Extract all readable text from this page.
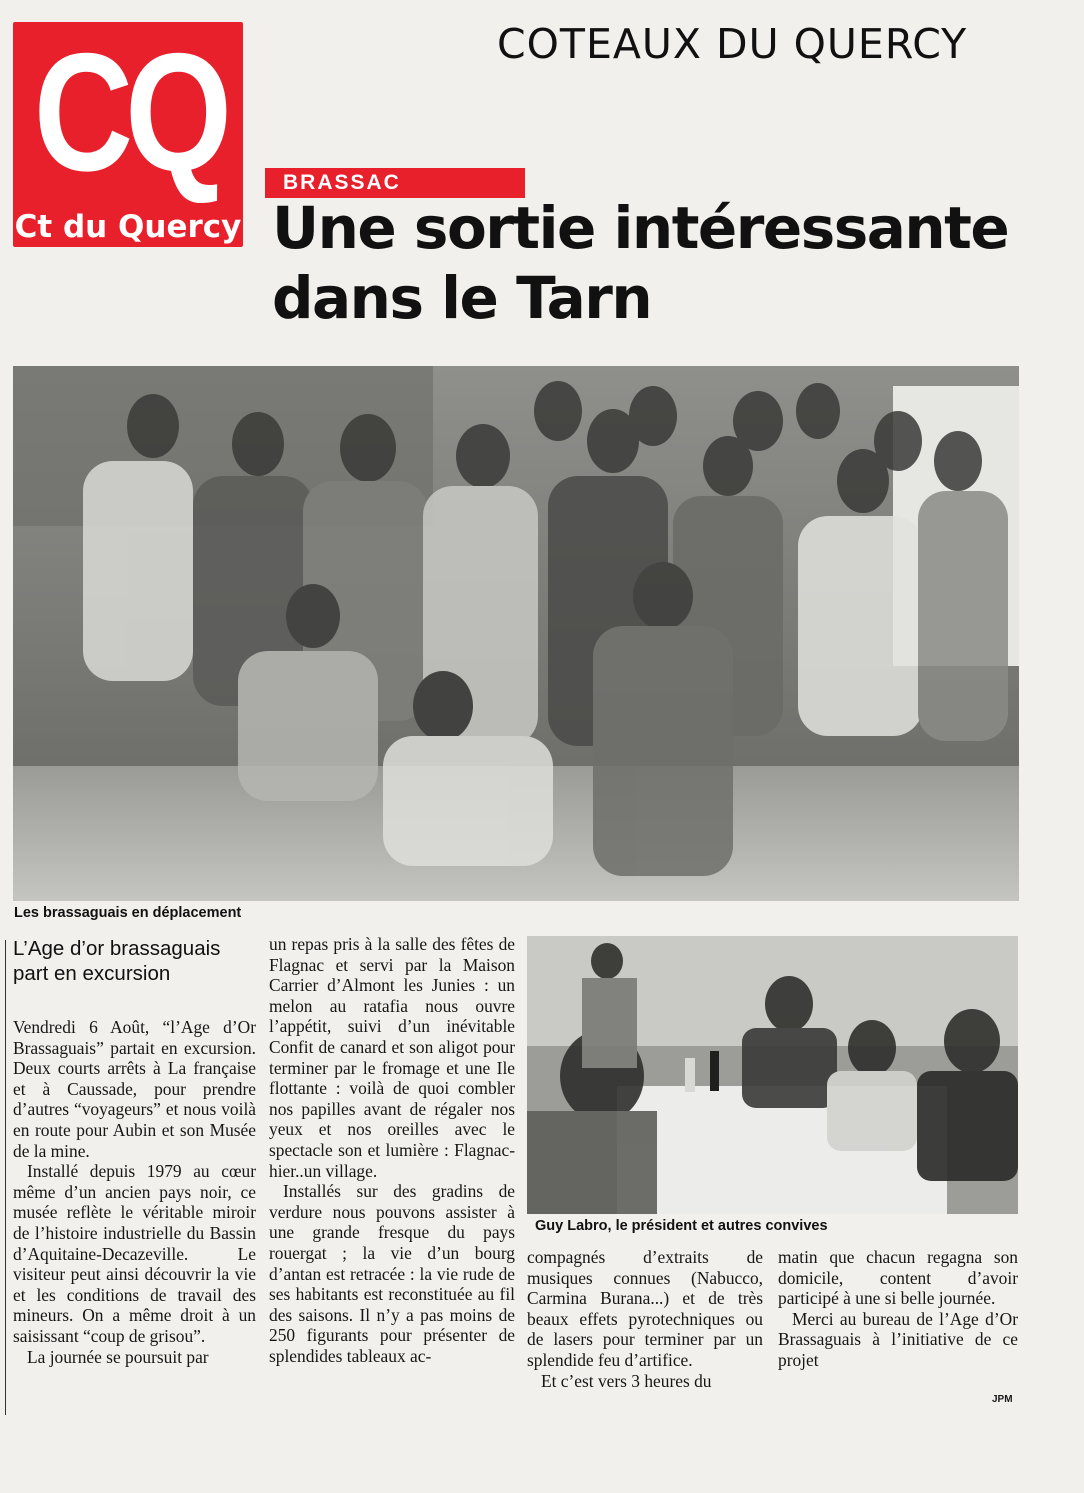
CQ
Ct du Quercy
COTEAUX DU QUERCY
BRASSAC
Une sortie intéressante dans le Tarn
Les brassaguais en déplacement
L’Age d’or brassaguais part en excursion

Vendredi 6 Août, “l’Age d’Or Brassaguais” partait en excursion. Deux courts arrêts à La française et à Caussade, pour prendre d’autres “voyageurs” et nous voilà en route pour Aubin et son Musée de la mine.

Installé depuis 1979 au cœur même d’un ancien pays noir, ce musée reflète le véritable miroir de l’histoire industrielle du Bassin d’Aquitaine-Decazeville. Le visiteur peut ainsi découvrir la vie et les conditions de travail des mineurs. On a même droit à un saisissant “coup de grisou”.

La journée se poursuit par

un repas pris à la salle des fêtes de Flagnac et servi par la Maison Carrier d’Almont les Junies : un melon au ratafia nous ouvre l’appétit, suivi d’un inévitable Confit de canard et son aligot pour terminer par le fromage et une Ile flottante : voilà de quoi combler nos papilles avant de régaler nos yeux et nos oreilles avec le spectacle son et lumière : Flagnac- hier..un village.

Installés sur des gradins de verdure nous pouvons assister à une grande fresque du pays rouergat ; la vie d’un bourg d’antan est retracée : la vie rude de ses habitants est reconstituée au fil des saisons. Il n’y a pas moins de 250 figurants pour présenter de splendides tableaux ac-

Guy Labro, le président et autres convives

compagnés d’extraits de musiques connues (Nabucco, Carmina Burana...) et de très beaux effets pyrotechniques ou de lasers pour terminer par un splendide feu d’artifice.

Et c’est vers 3 heures du

matin que chacun regagna son domicile, content d’avoir participé à une si belle journée.

Merci au bureau de l’Age d’Or Brassaguais à l’initiative de ce projet

JPM
